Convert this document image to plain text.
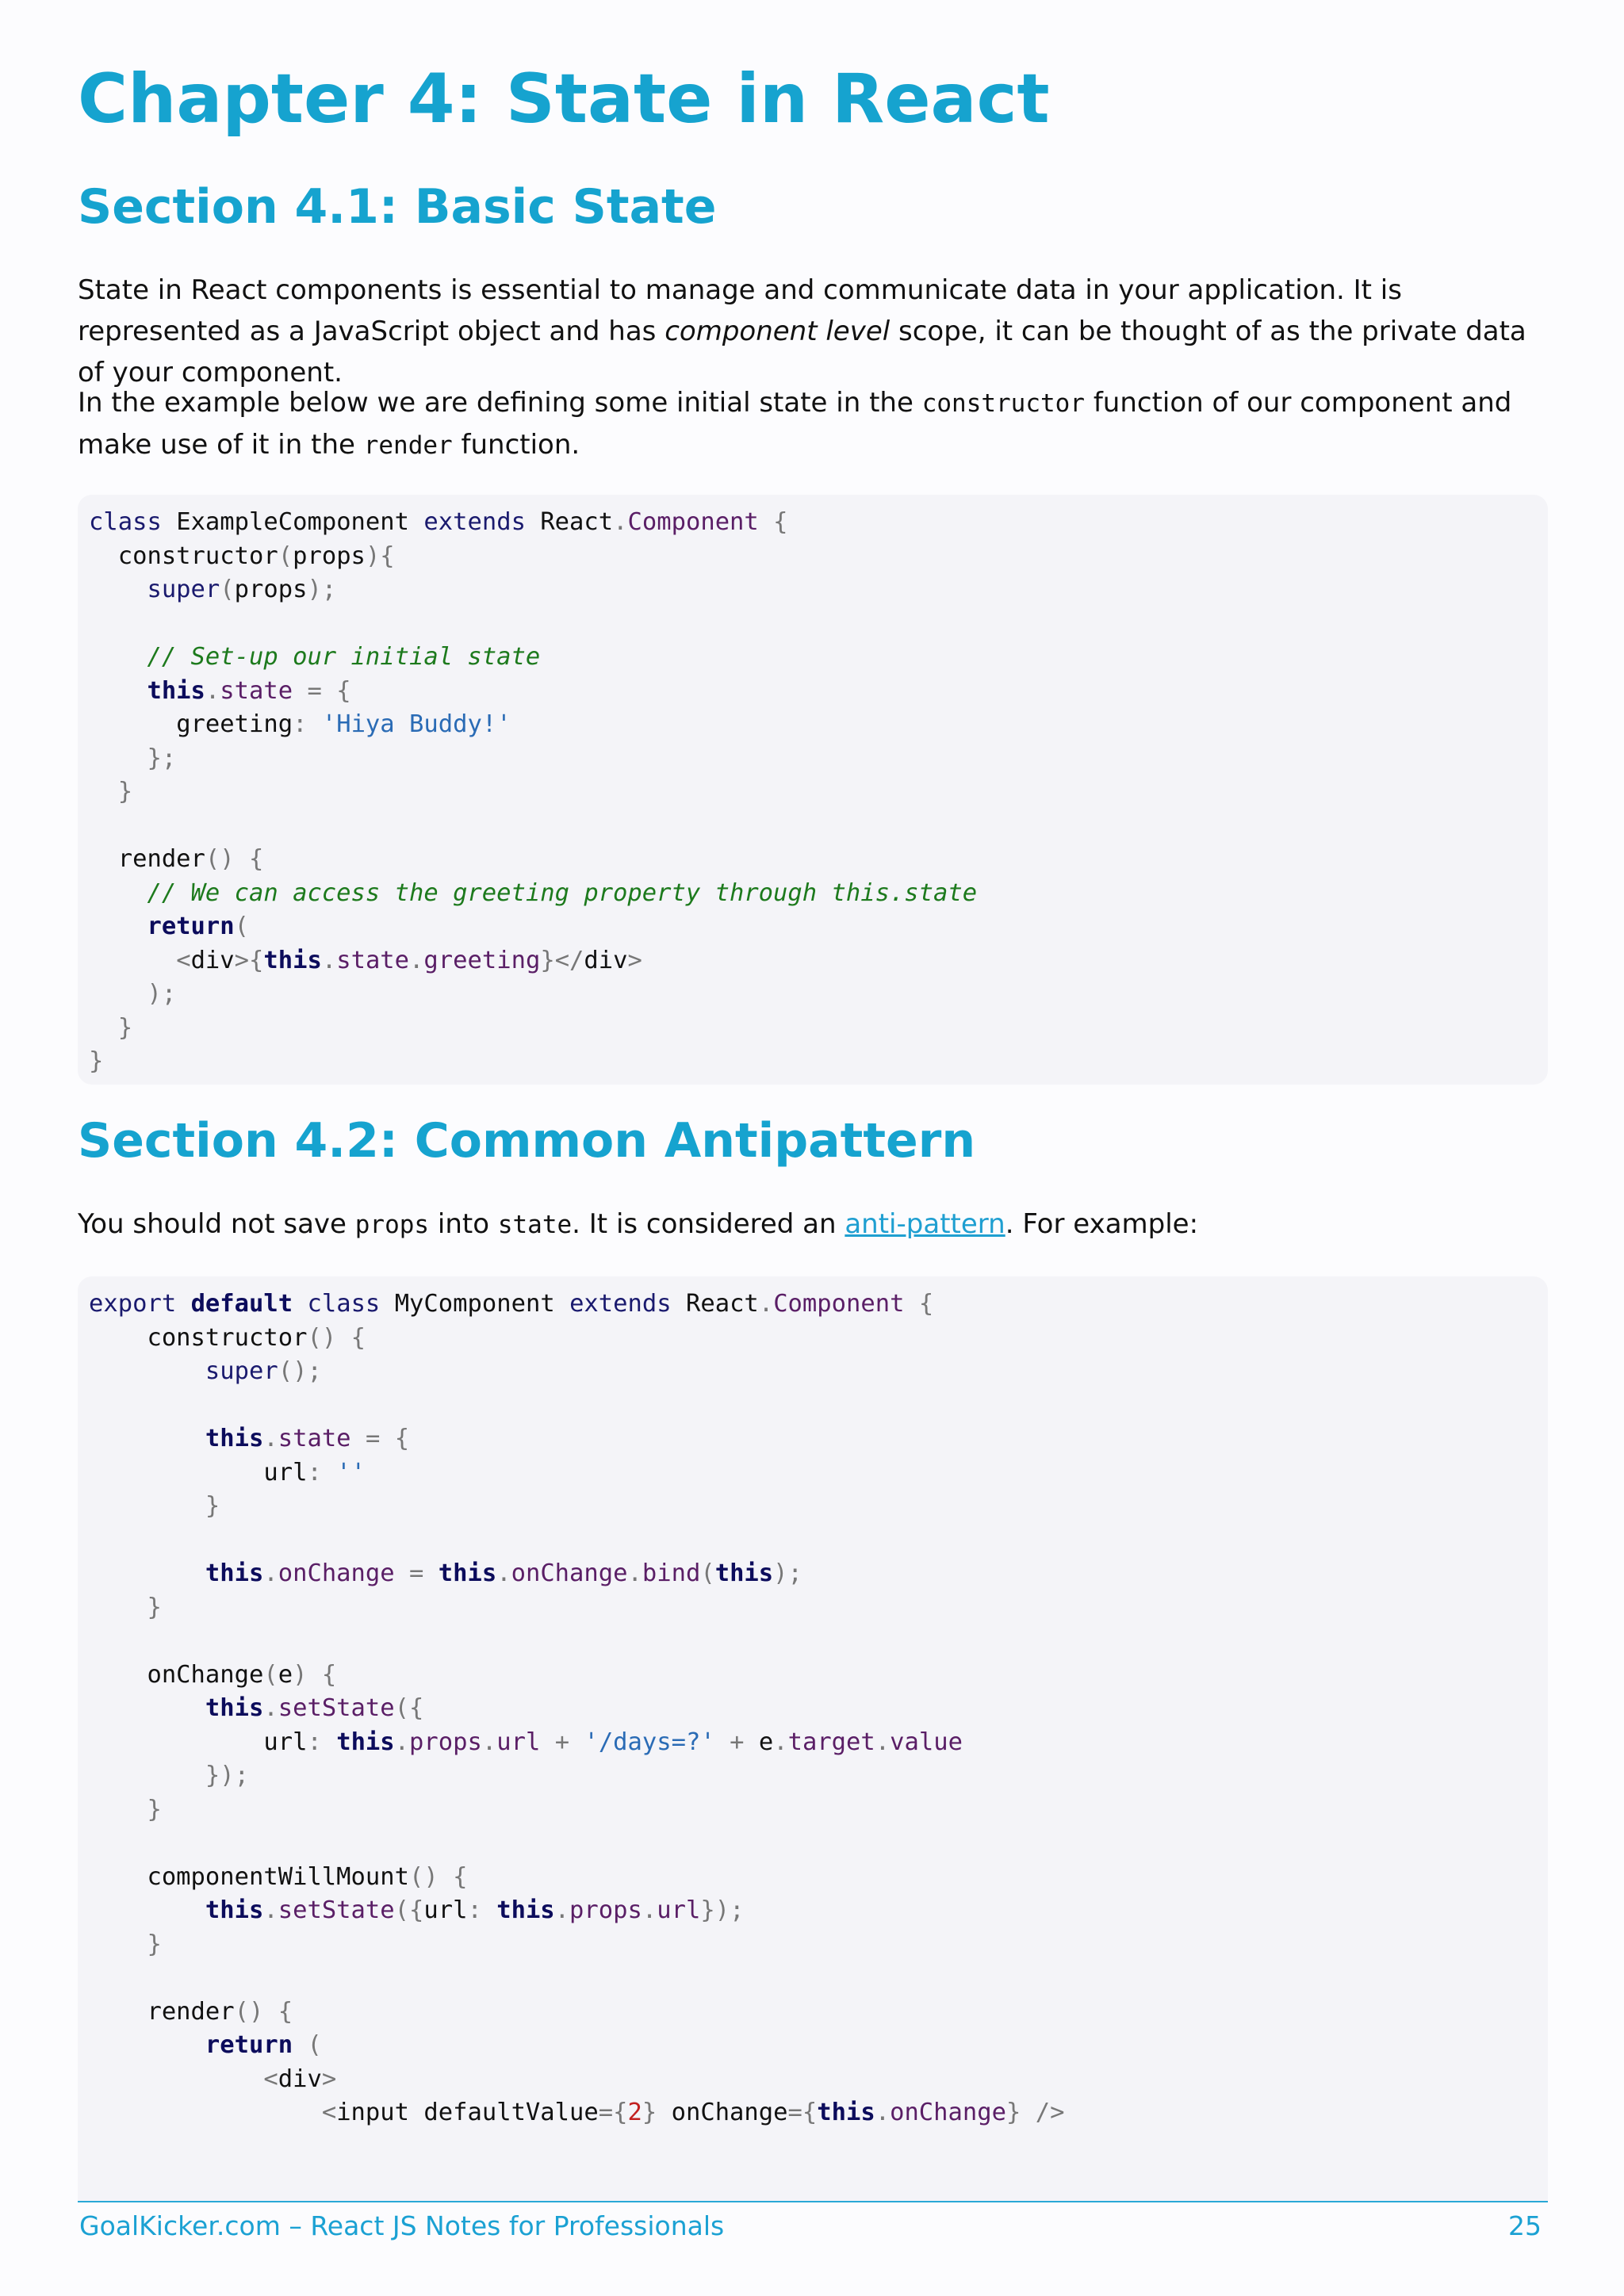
Chapter 4: State in React
Section 4.1: Basic State

State in React components is essential to manage and communicate data in your application. It is represented as a JavaScript object and has component level scope, it can be thought of as the private data of your component.

In the example below we are defining some initial state in the constructor function of our component and make use of it in the render function.

class ExampleComponent extends React.Component {
constructor(props){
super(props);

// Set-up our initial state
this.state = {
greeting: 'Hiya Buddy!'
};
}

render() {
// We can access the greeting property through this.state
return(
<div>{this.state.greeting}</div>
);
}
}
Section 4.2: Common Antipattern

You should not save props into state. It is considered an anti-pattern. For example:

export default class MyComponent extends React.Component {
constructor() {
super();

this.state = {
url: ''
}

this.onChange = this.onChange.bind(this);
}

onChange(e) {
this.setState({
url: this.props.url + '/days=?' + e.target.value
});
}

componentWillMount() {
this.setState({url: this.props.url});
}

render() {
return (
<div>
<input defaultValue={2} onChange={this.onChange} />
GoalKicker.com – React JS Notes for Professionals	25
